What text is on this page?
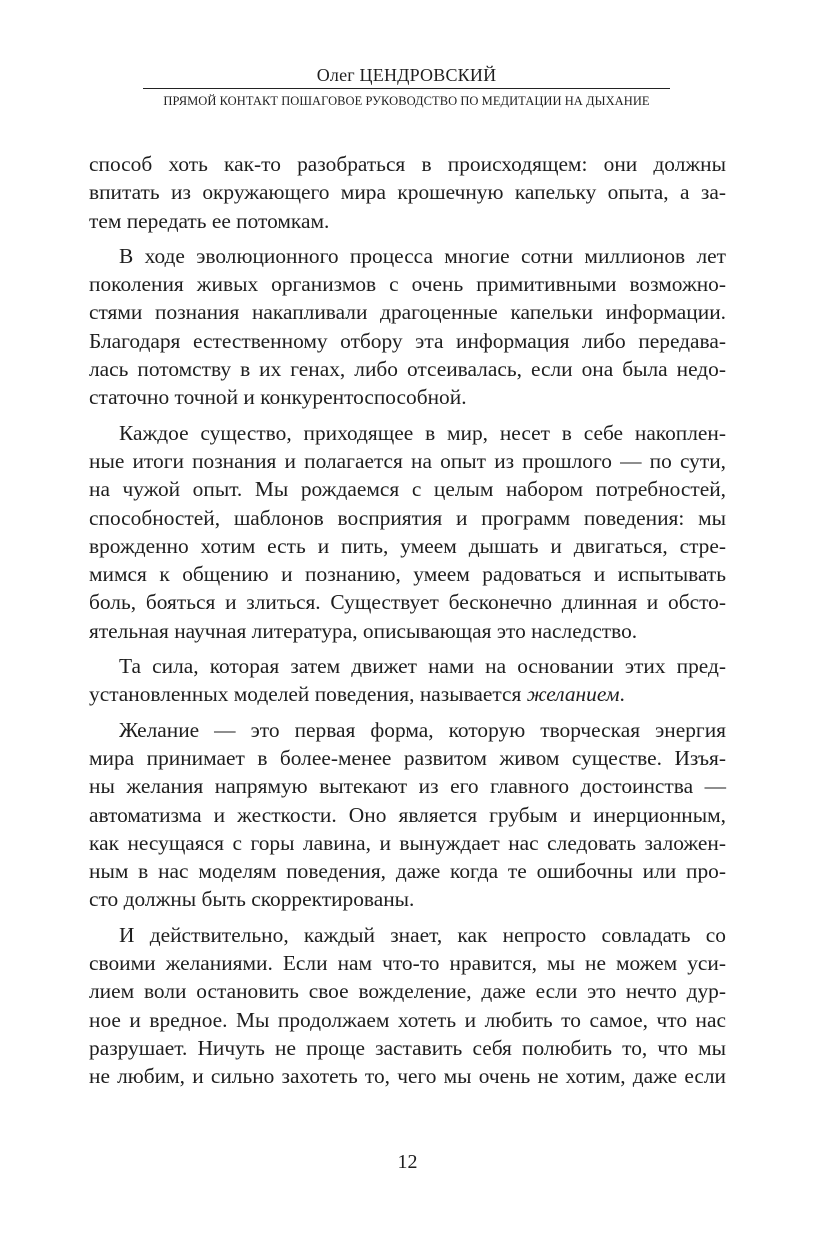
Олег ЦЕНДРОВСКИЙ
ПРЯМОЙ КОНТАКТ ПОШАГОВОЕ РУКОВОДСТВО ПО МЕДИТАЦИИ НА ДЫХАНИЕ
способ хоть как-то разобраться в происходящем: они должны
впитать из окружающего мира крошечную капельку опыта, а за-
тем передать ее потомкам.
В ходе эволюционного процесса многие сотни миллионов лет
поколения живых организмов с очень примитивными возможно-
стями познания накапливали драгоценные капельки информации.
Благодаря естественному отбору эта информация либо передава-
лась потомству в их генах, либо отсеивалась, если она была недо-
статочно точной и конкурентоспособной.
Каждое существо, приходящее в мир, несет в себе накоплен-
ные итоги познания и полагается на опыт из прошлого — по сути,
на чужой опыт. Мы рождаемся с целым набором потребностей,
способностей, шаблонов восприятия и программ поведения: мы
врожденно хотим есть и пить, умеем дышать и двигаться, стре-
мимся к общению и познанию, умеем радоваться и испытывать
боль, бояться и злиться. Существует бесконечно длинная и обсто-
ятельная научная литература, описывающая это наследство.
Та сила, которая затем движет нами на основании этих пред-
установленных моделей поведения, называется желанием.
Желание — это первая форма, которую творческая энергия
мира принимает в более-менее развитом живом существе. Изъя-
ны желания напрямую вытекают из его главного достоинства —
автоматизма и жесткости. Оно является грубым и инерционным,
как несущаяся с горы лавина, и вынуждает нас следовать заложен-
ным в нас моделям поведения, даже когда те ошибочны или про-
сто должны быть скорректированы.
И действительно, каждый знает, как непросто совладать со
своими желаниями. Если нам что-то нравится, мы не можем уси-
лием воли остановить свое вожделение, даже если это нечто дур-
ное и вредное. Мы продолжаем хотеть и любить то самое, что нас
разрушает. Ничуть не проще заставить себя полюбить то, что мы
не любим, и сильно захотеть то, чего мы очень не хотим, даже если
12
